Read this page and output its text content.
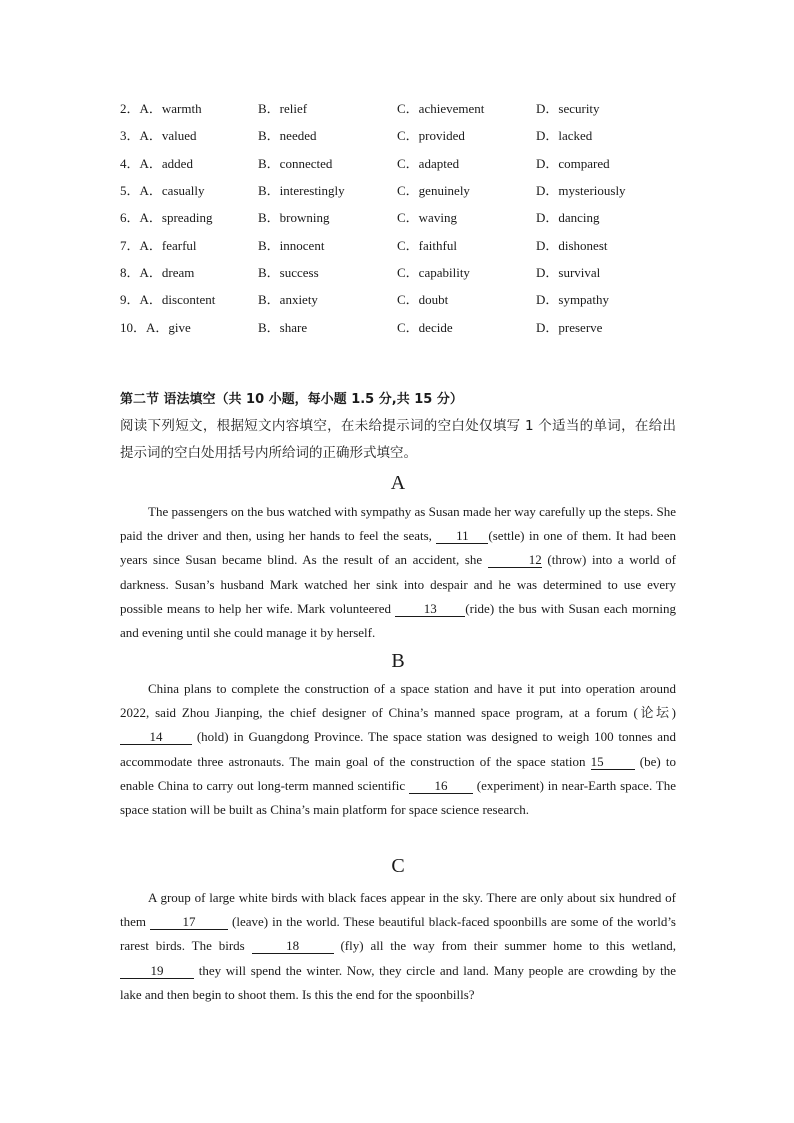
2．A．warmth	B．relief	C．achievement	D．security
3．A．valued	B．needed	C．provided	D．lacked
4．A．added	B．connected	C．adapted	D．compared
5．A．casually	B．interestingly	C．genuinely	D．mysteriously
6．A．spreading	B．browning	C．waving	D．dancing
7．A．fearful	B．innocent	C．faithful	D．dishonest
8．A．dream	B．success	C．capability	D．survival
9．A．discontent	B．anxiety	C．doubt	D．sympathy
10．A．give	B．share	C．decide	D．preserve
第二节 语法填空（共 10 小题，每小题 1.5 分,共 15 分）
阅读下列短文，根据短文内容填空，在未给提示词的空白处仅填写 1 个适当的单词，在给出提示词的空白处用括号内所给词的正确形式填空。
A
The passengers on the bus watched with sympathy as Susan made her way carefully up the steps. She paid the driver and then, using her hands to feel the seats, 11 (settle) in one of them. It had been years since Susan became blind. As the result of an accident, she	12 (throw) into a world of darkness. Susan’s husband Mark watched her sink into despair and he was determined to use every possible means to help her wife. Mark volunteered 13 (ride) the bus with Susan each morning and evening until she could manage it by herself.
B
China plans to complete the construction of a space station and have it put into operation around 2022, said Zhou Jianping, the chief designer of China’s manned space program, at a forum (论坛)14 (hold) in Guangdong Province. The space station was designed to weigh 100 tonnes and accommodate three astronauts. The main goal of the construction of the space station 15 (be) to enable China to carry out long-term manned scientific 16 (experiment) in near-Earth space. The space station will be built as China’s main platform for space science research.
C
A group of large white birds with black faces appear in the sky. There are only about six hundred of them	17	(leave) in the world. These beautiful black-faced spoonbills are some of the world’s rarest birds. The birds	18	(fly) all the way from their summer home to this wetland, 19 they will spend the winter. Now, they circle and land. Many people are crowding by the lake and then begin to shoot them. Is this the end for the spoonbills?
